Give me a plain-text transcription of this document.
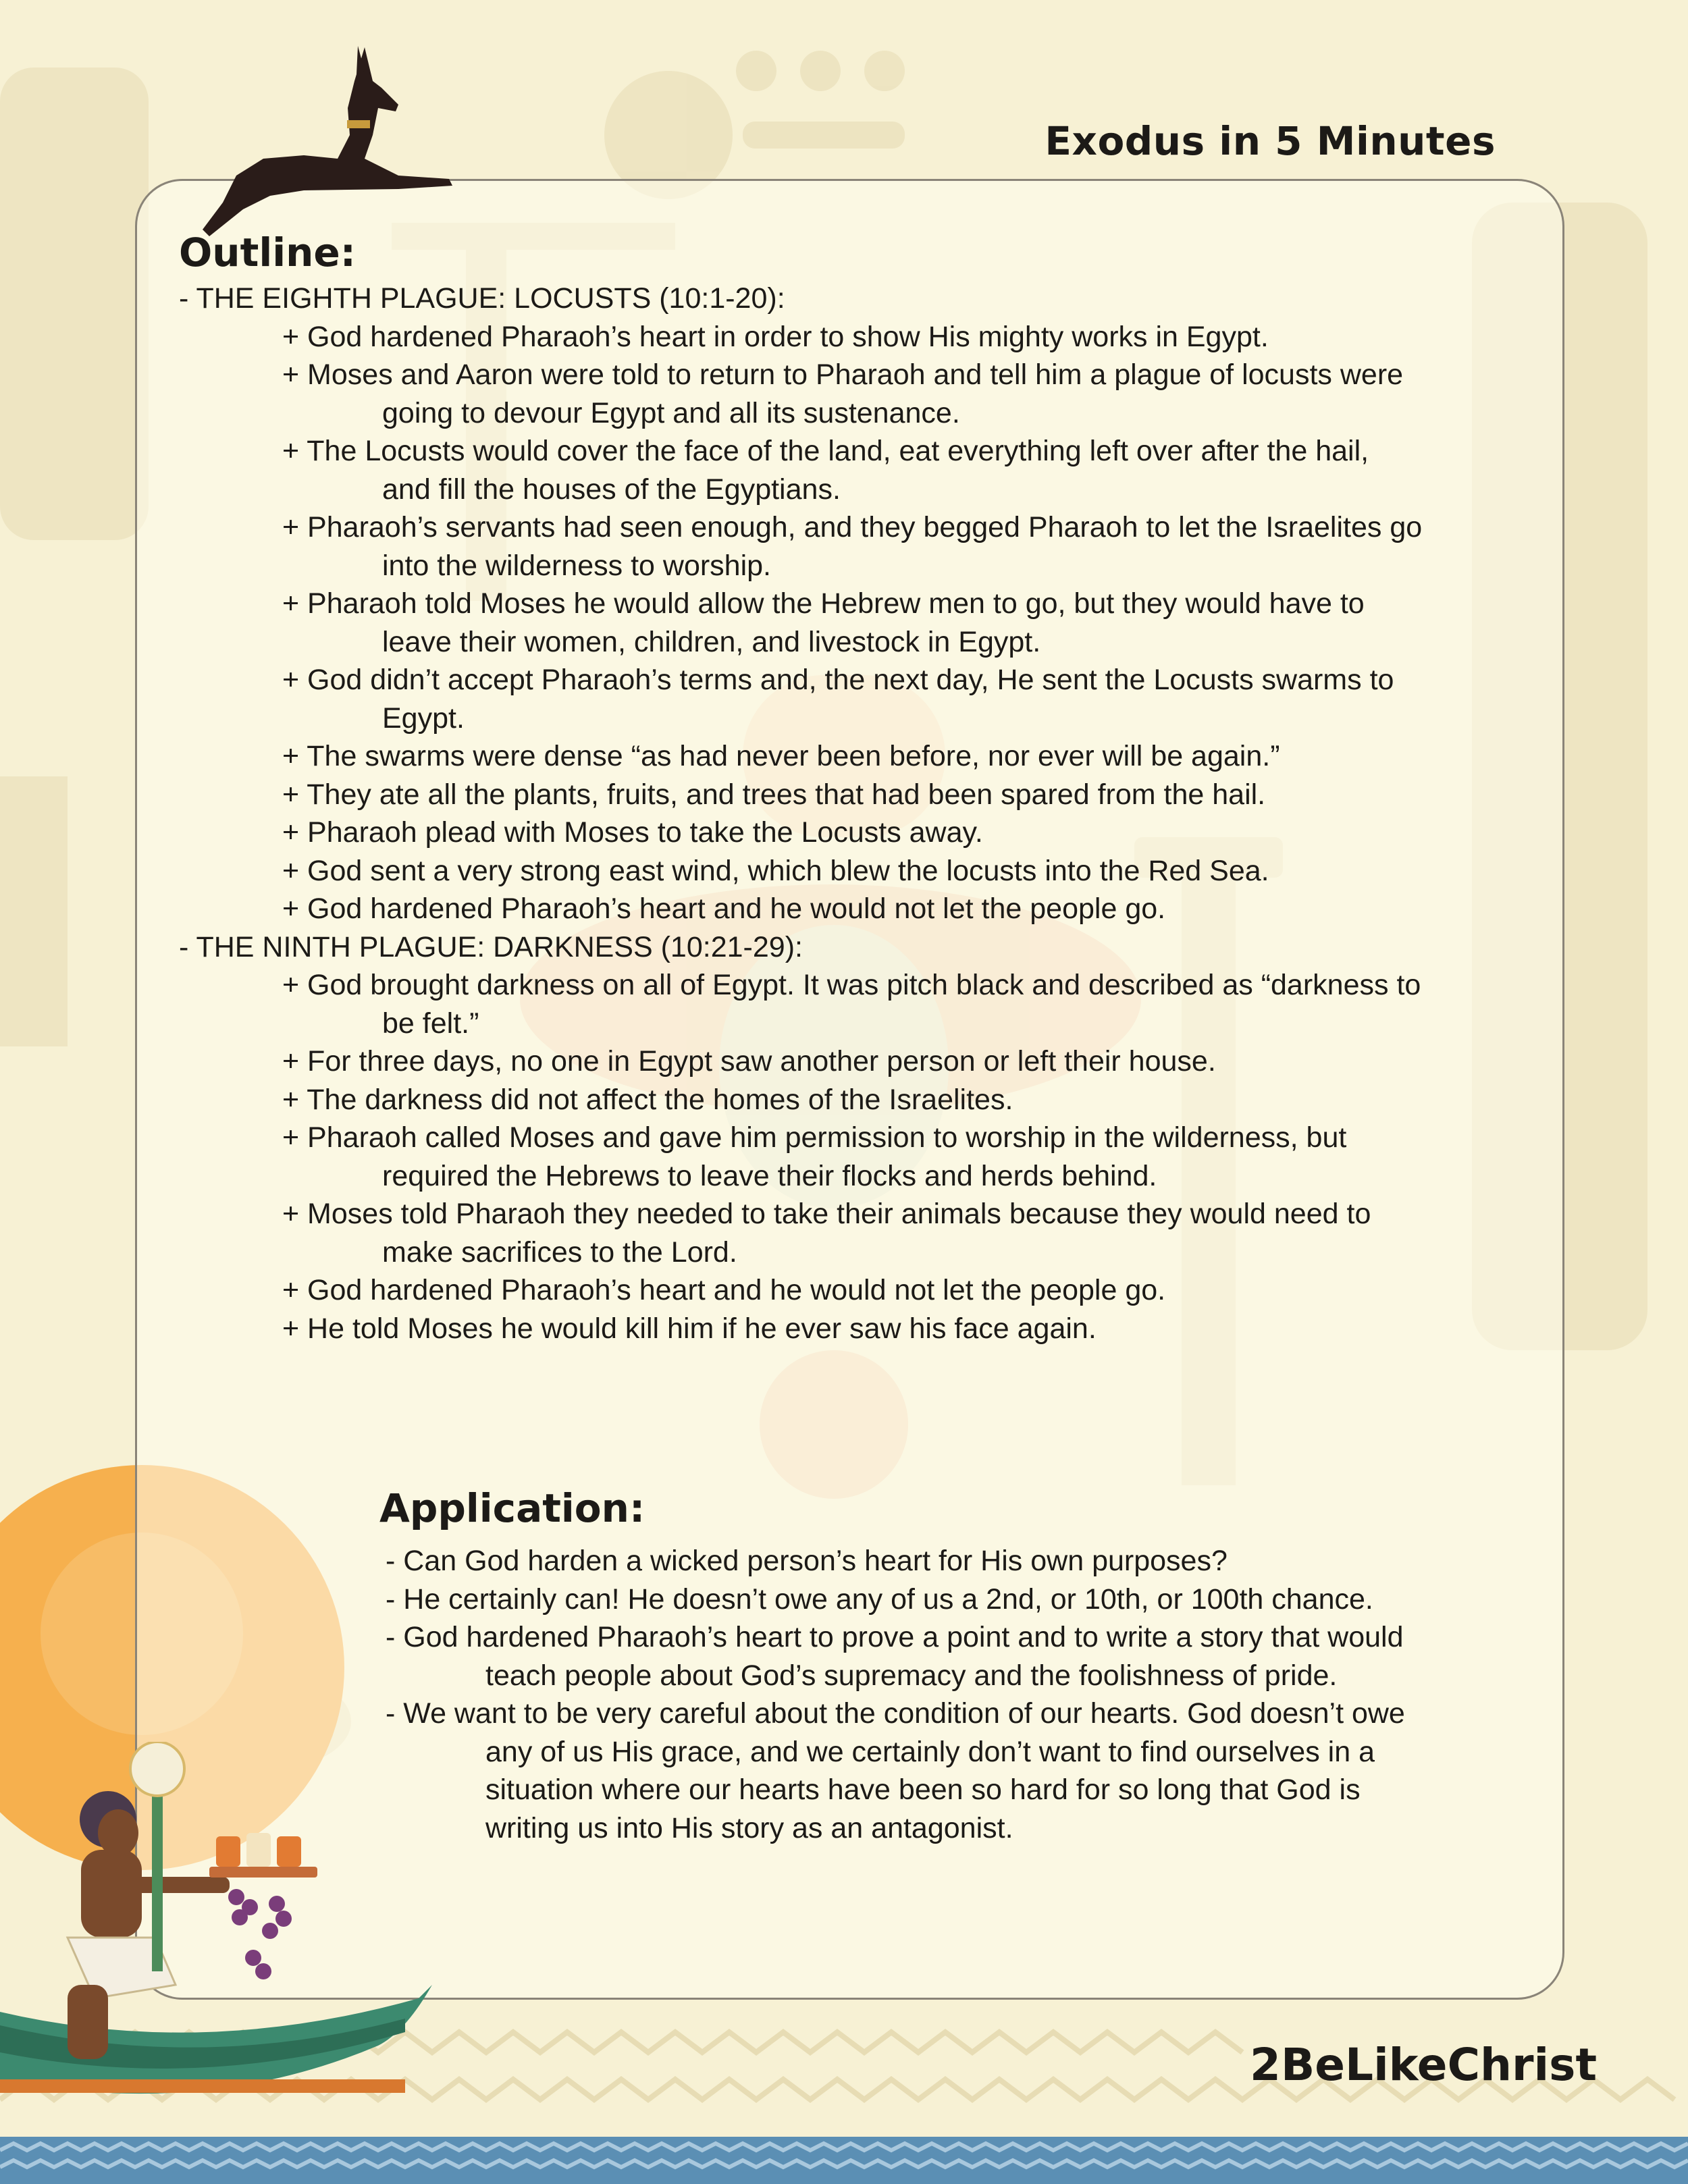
Exodus in 5 Minutes
2BeLikeChrist
Outline:
- THE EIGHTH PLAGUE: LOCUSTS (10:1-20):
+ God hardened Pharaoh’s heart in order to show His mighty works in Egypt.
+ Moses and Aaron were told to return to Pharaoh and tell him a plague of locusts were
going to devour Egypt and all its sustenance.
+ The Locusts would cover the face of the land, eat everything left over after the hail,
and fill the houses of the Egyptians.
+ Pharaoh’s servants had seen enough, and they begged Pharaoh to let the Israelites go
into the wilderness to worship.
+ Pharaoh told Moses he would allow the Hebrew men to go, but they would have to
leave their women, children, and livestock in Egypt.
+ God didn’t accept Pharaoh’s terms and, the next day, He sent the Locusts swarms to
Egypt.
+ The swarms were dense “as had never been before, nor ever will be again.”
+ They ate all the plants, fruits, and trees that had been spared from the hail.
+ Pharaoh plead with Moses to take the Locusts away.
+ God sent a very strong east wind, which blew the locusts into the Red Sea.
+ God hardened Pharaoh’s heart and he would not let the people go.
- THE NINTH PLAGUE: DARKNESS (10:21-29):
+ God brought darkness on all of Egypt. It was pitch black and described as “darkness to
be felt.”
+ For three days, no one in Egypt saw another person or left their house.
+ The darkness did not affect the homes of the Israelites.
+ Pharaoh called Moses and gave him permission to worship in the wilderness, but
required the Hebrews to leave their flocks and herds behind.
+ Moses told Pharaoh they needed to take their animals because they would need to
make sacrifices to the Lord.
+ God hardened Pharaoh’s heart and he would not let the people go.
+ He told Moses he would kill him if he ever saw his face again.
Application:
- Can God harden a wicked person’s heart for His own purposes?
- He certainly can! He doesn’t owe any of us a 2nd, or 10th, or 100th chance.
- God hardened Pharaoh’s heart to prove a point and to write a story that would
teach people about God’s supremacy and the foolishness of pride.
- We want to be very careful about the condition of our hearts. God doesn’t owe
any of us His grace, and we certainly don’t want to find ourselves in a
situation where our hearts have been so hard for so long that God is
writing us into His story as an antagonist.
